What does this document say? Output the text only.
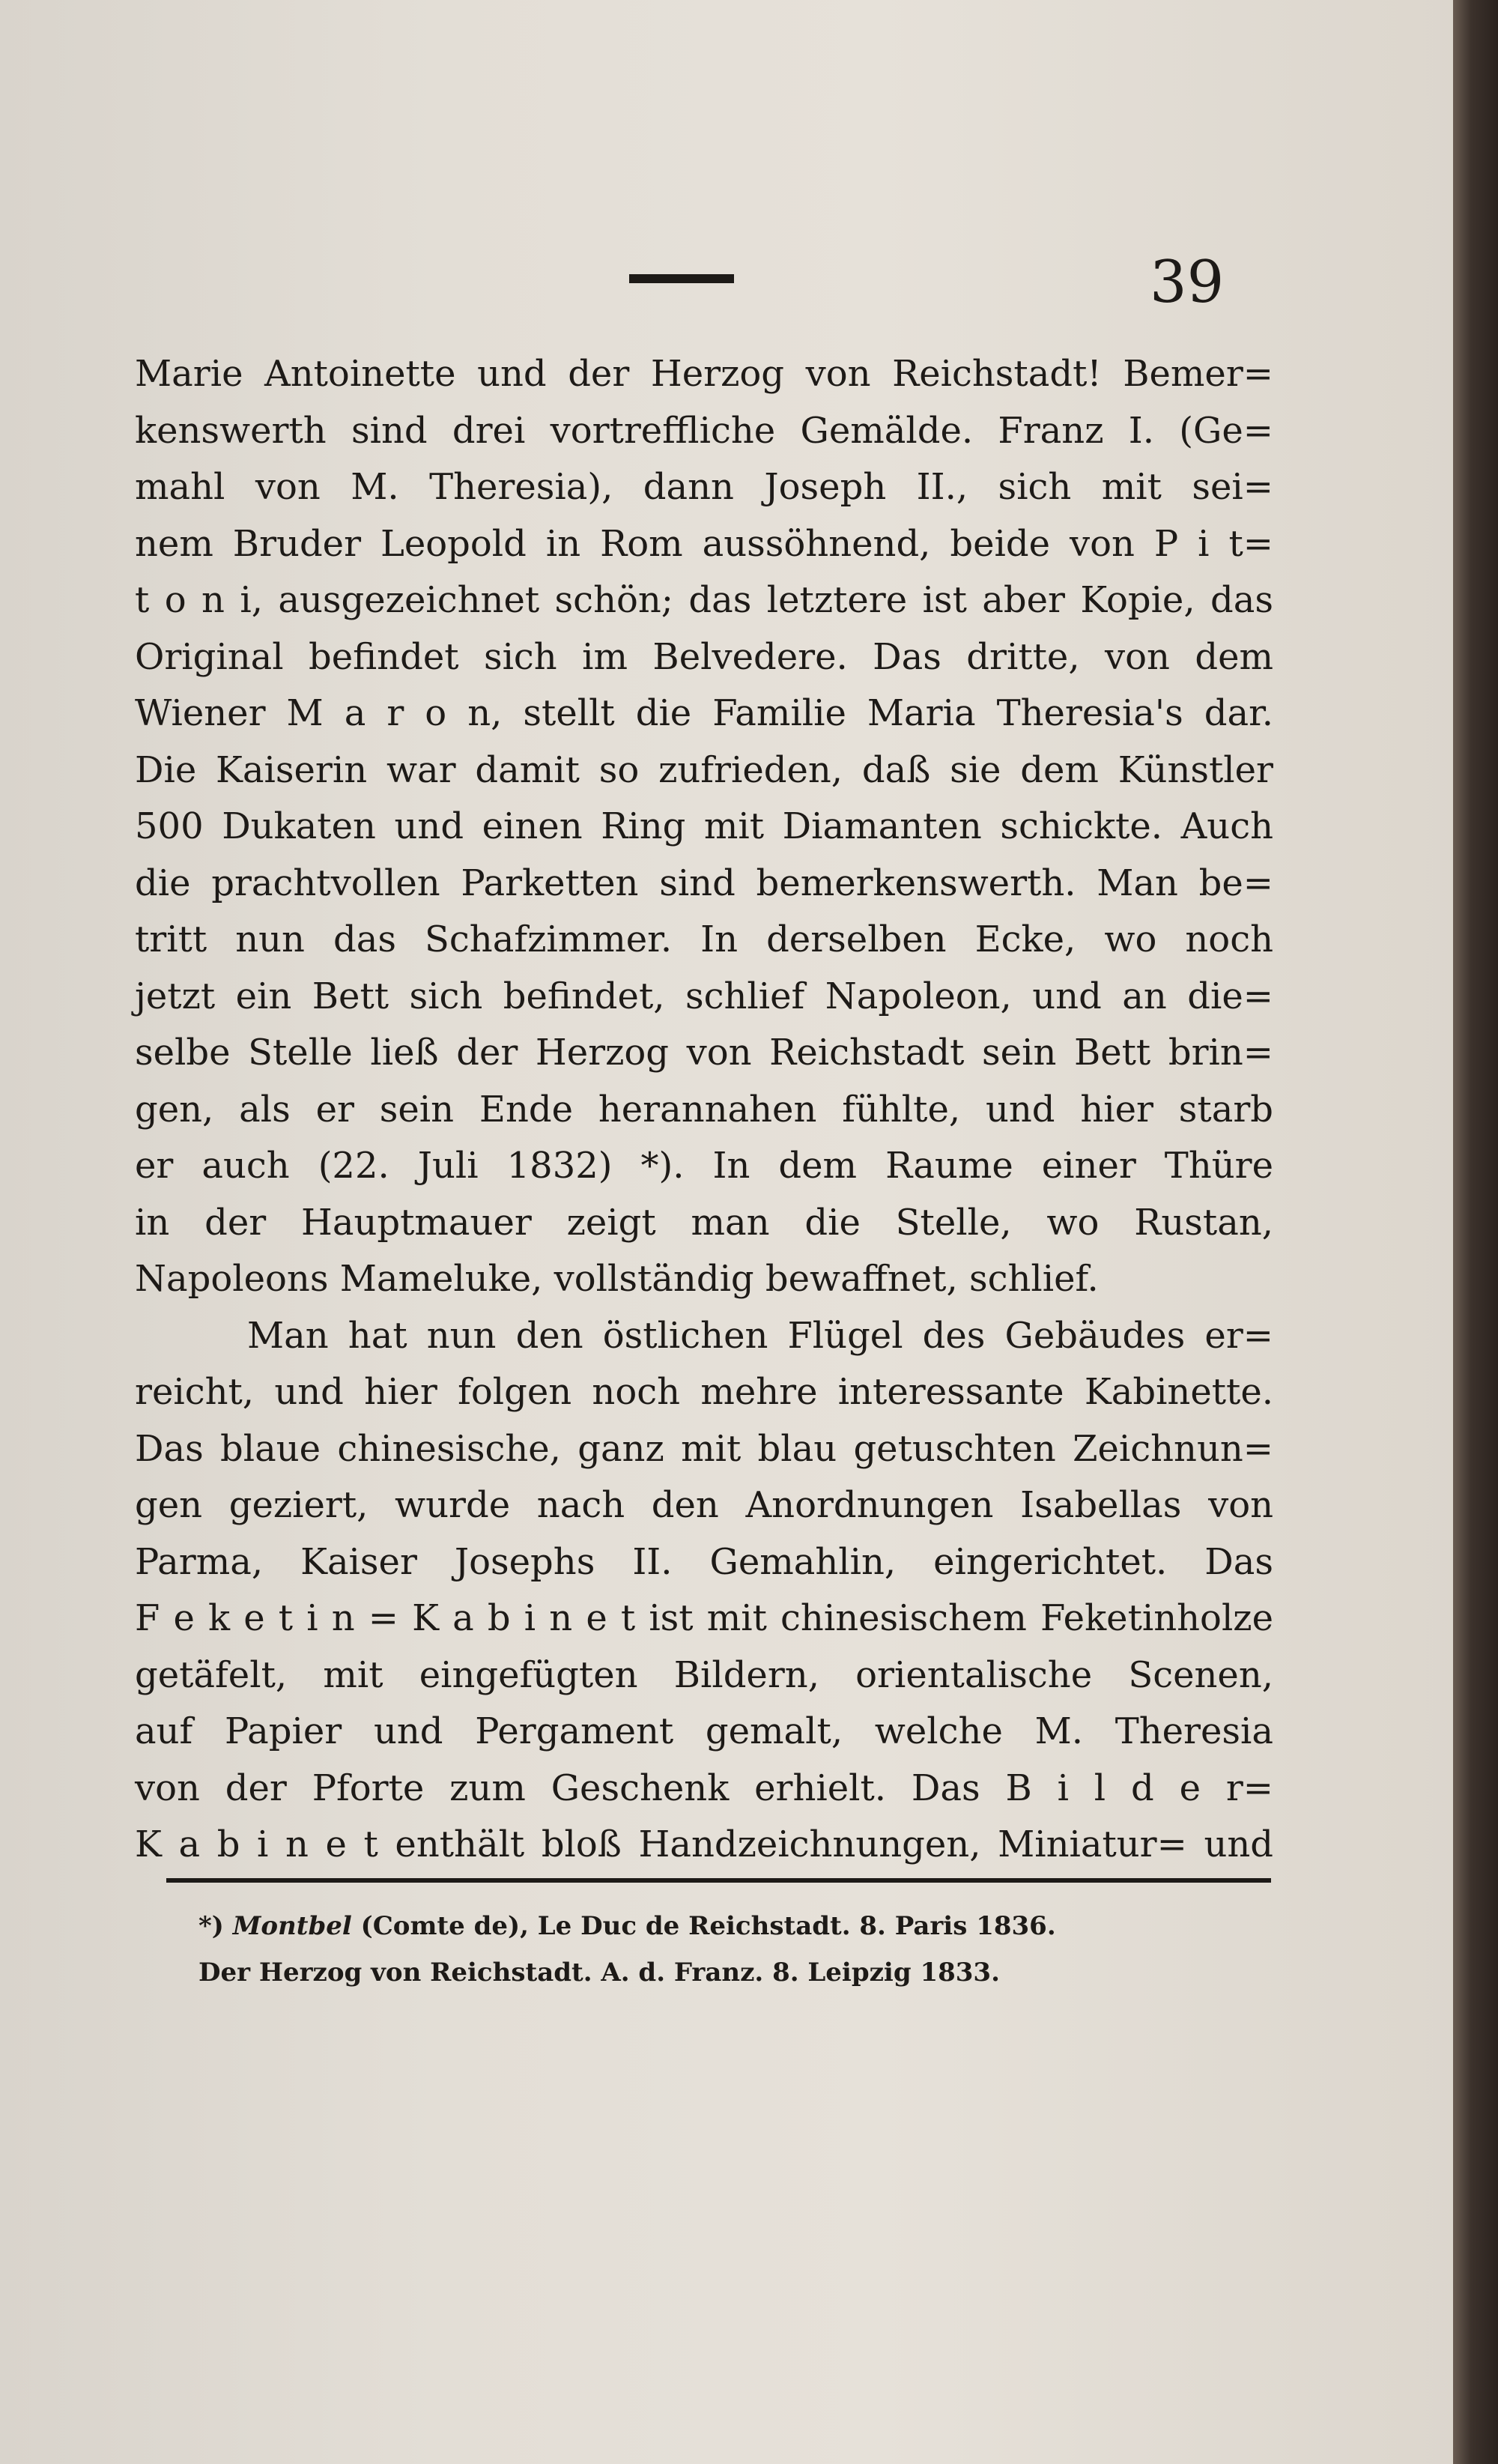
39
Marie Antoinette und der Herzog von Reichstadt! Bemer=
kenswerth sind drei vortreffliche Gemälde. Franz I. (Ge=
mahl von M. Theresia), dann Joseph II., sich mit sei=
nem Bruder Leopold in Rom aussöhnend, beide von P i t=
t o n i, ausgezeichnet schön; das letztere ist aber Kopie, das
Original befindet sich im Belvedere. Das dritte, von dem
Wiener M a r o n, stellt die Familie Maria Theresia's dar.
Die Kaiserin war damit so zufrieden, daß sie dem Künstler
500 Dukaten und einen Ring mit Diamanten schickte. Auch
die prachtvollen Parketten sind bemerkenswerth. Man be=
tritt nun das Schafzimmer. In derselben Ecke, wo noch
jetzt ein Bett sich befindet, schlief Napoleon, und an die=
selbe Stelle ließ der Herzog von Reichstadt sein Bett brin=
gen, als er sein Ende herannahen fühlte, und hier starb
er auch (22. Juli 1832) *). In dem Raume einer Thüre
in der Hauptmauer zeigt man die Stelle, wo Rustan,
Napoleons Mameluke, vollständig bewaffnet, schlief.
Man hat nun den östlichen Flügel des Gebäudes er=
reicht, und hier folgen noch mehre interessante Kabinette.
Das blaue chinesische, ganz mit blau getuschten Zeichnun=
gen geziert, wurde nach den Anordnungen Isabellas von
Parma, Kaiser Josephs II. Gemahlin, eingerichtet. Das
F e k e t i n = K a b i n e t ist mit chinesischem Feketinholze
getäfelt, mit eingefügten Bildern, orientalische Scenen,
auf Papier und Pergament gemalt, welche M. Theresia
von der Pforte zum Geschenk erhielt. Das B i l d e r=
K a b i n e t enthält bloß Handzeichnungen, Miniatur= und
*) Montbel (Comte de), Le Duc de Reichstadt. 8. Paris 1836.
Der Herzog von Reichstadt. A. d. Franz. 8. Leipzig 1833.
